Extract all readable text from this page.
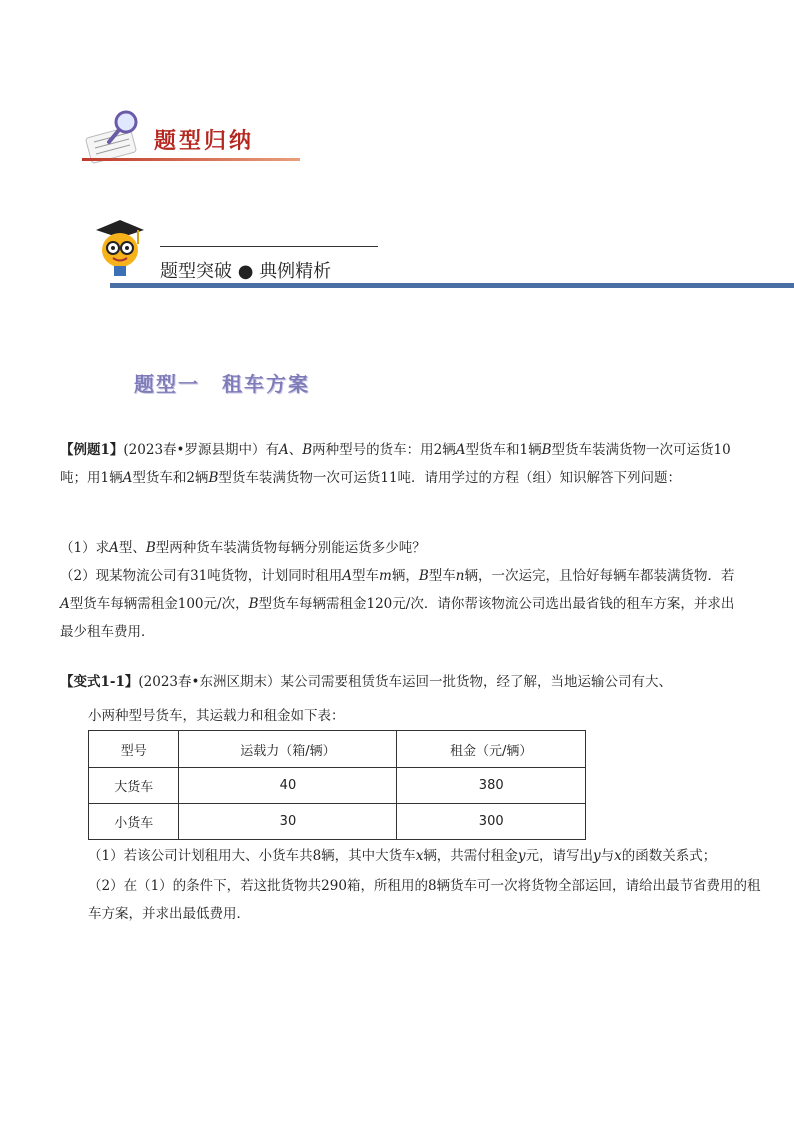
题型归纳
题型突破 ● 典例精析
题型一　租车方案
【例题1】(2023春•罗源县期中）有A、B两种型号的货车：用2辆A型货车和1辆B型货车装满货物一次可运货10吨；用1辆A型货车和2辆B型货车装满货物一次可运货11吨．请用学过的方程（组）知识解答下列问题：
（1）求A型、B型两种货车装满货物每辆分别能运货多少吨？
（2）现某物流公司有31吨货物，计划同时租用A型车m辆，B型车n辆，一次运完，且恰好每辆车都装满货物．若A型货车每辆需租金100元/次，B型货车每辆需租金120元/次．请你帮该物流公司选出最省钱的租车方案，并求出最少租车费用．
【变式1-1】(2023春•东洲区期末）某公司需要租赁货车运回一批货物，经了解，当地运输公司有大、
小两种型号货车，其运载力和租金如下表：
型号	运载力（箱/辆）	租金（元/辆）
大货车	40	380
小货车	30	300
（1）若该公司计划租用大、小货车共8辆，其中大货车x辆，共需付租金y元，请写出y与x的函数关系式；
（2）在（1）的条件下，若这批货物共290箱，所租用的8辆货车可一次将货物全部运回，请给出最节省费用的租车方案，并求出最低费用．
